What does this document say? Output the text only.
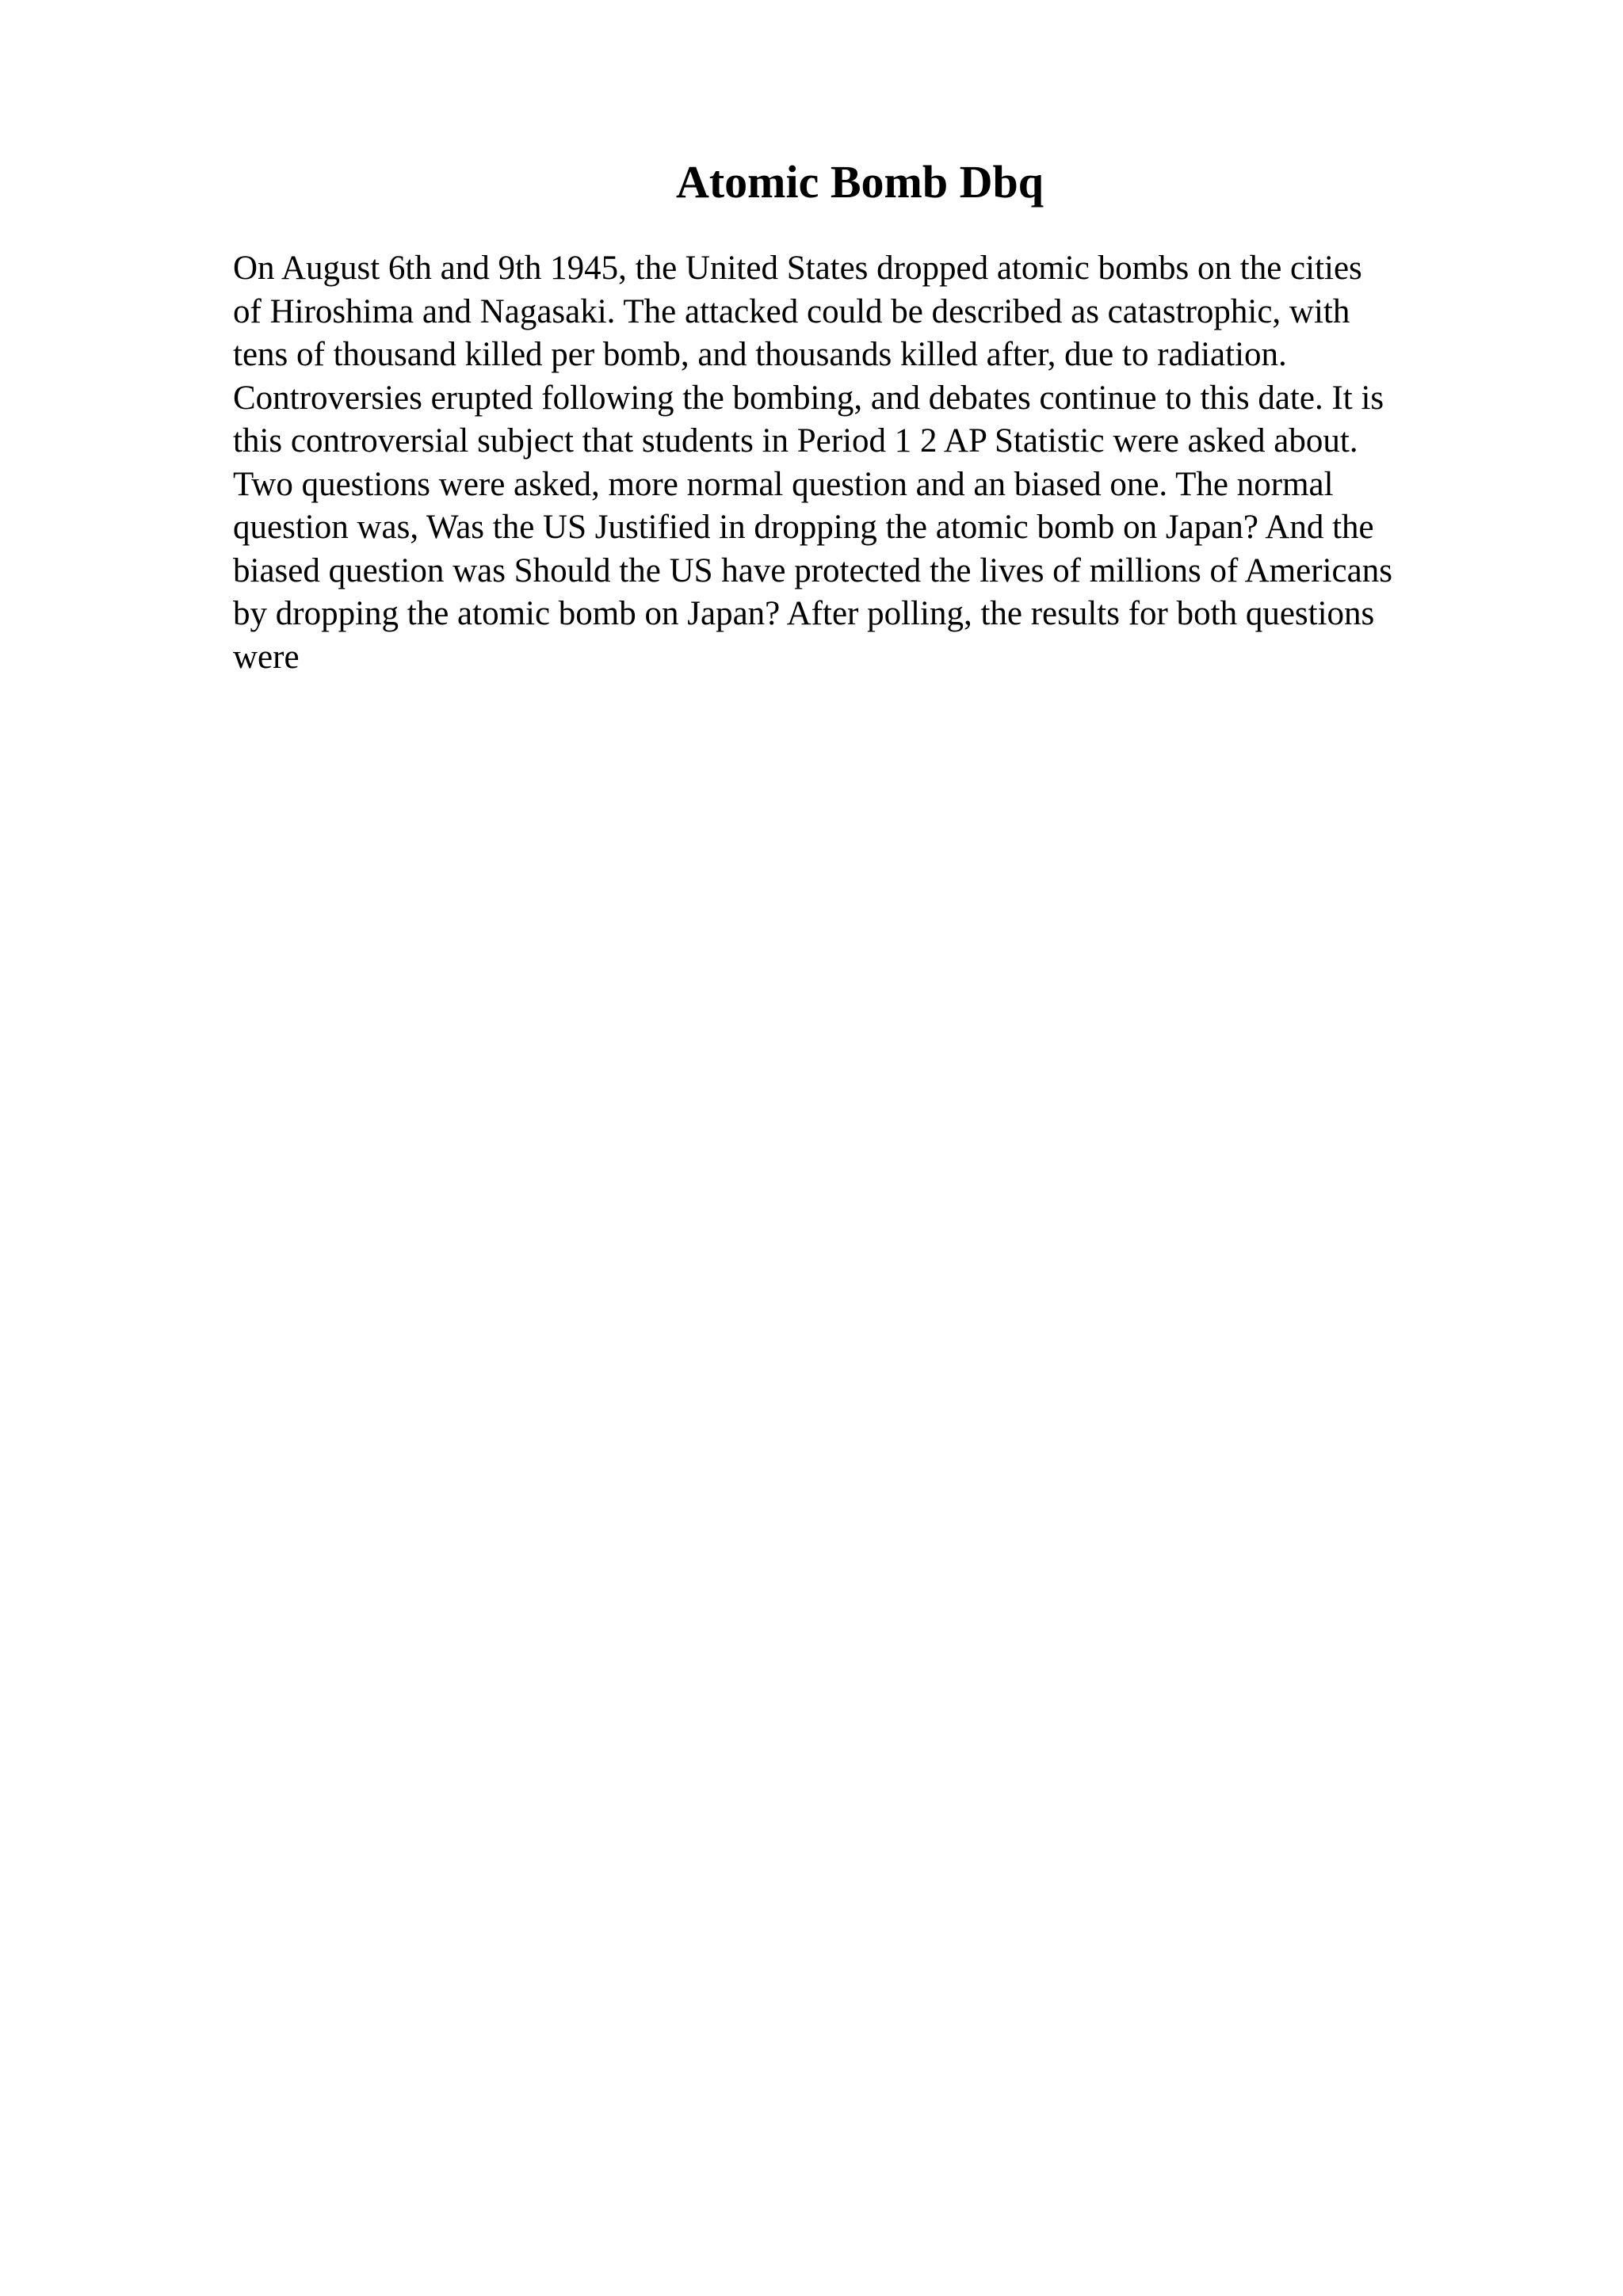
Atomic Bomb Dbq

On August 6th and 9th 1945, the United States dropped atomic bombs on the cities
of Hiroshima and Nagasaki. The attacked could be described as catastrophic, with
tens of thousand killed per bomb, and thousands killed after, due to radiation.
Controversies erupted following the bombing, and debates continue to this date. It is
this controversial subject that students in Period 1 2 AP Statistic were asked about.
Two questions were asked, more normal question and an biased one. The normal
question was, Was the US Justified in dropping the atomic bomb on Japan? And the
biased question was Should the US have protected the lives of millions of Americans
by dropping the atomic bomb on Japan? After polling, the results for both questions
were
